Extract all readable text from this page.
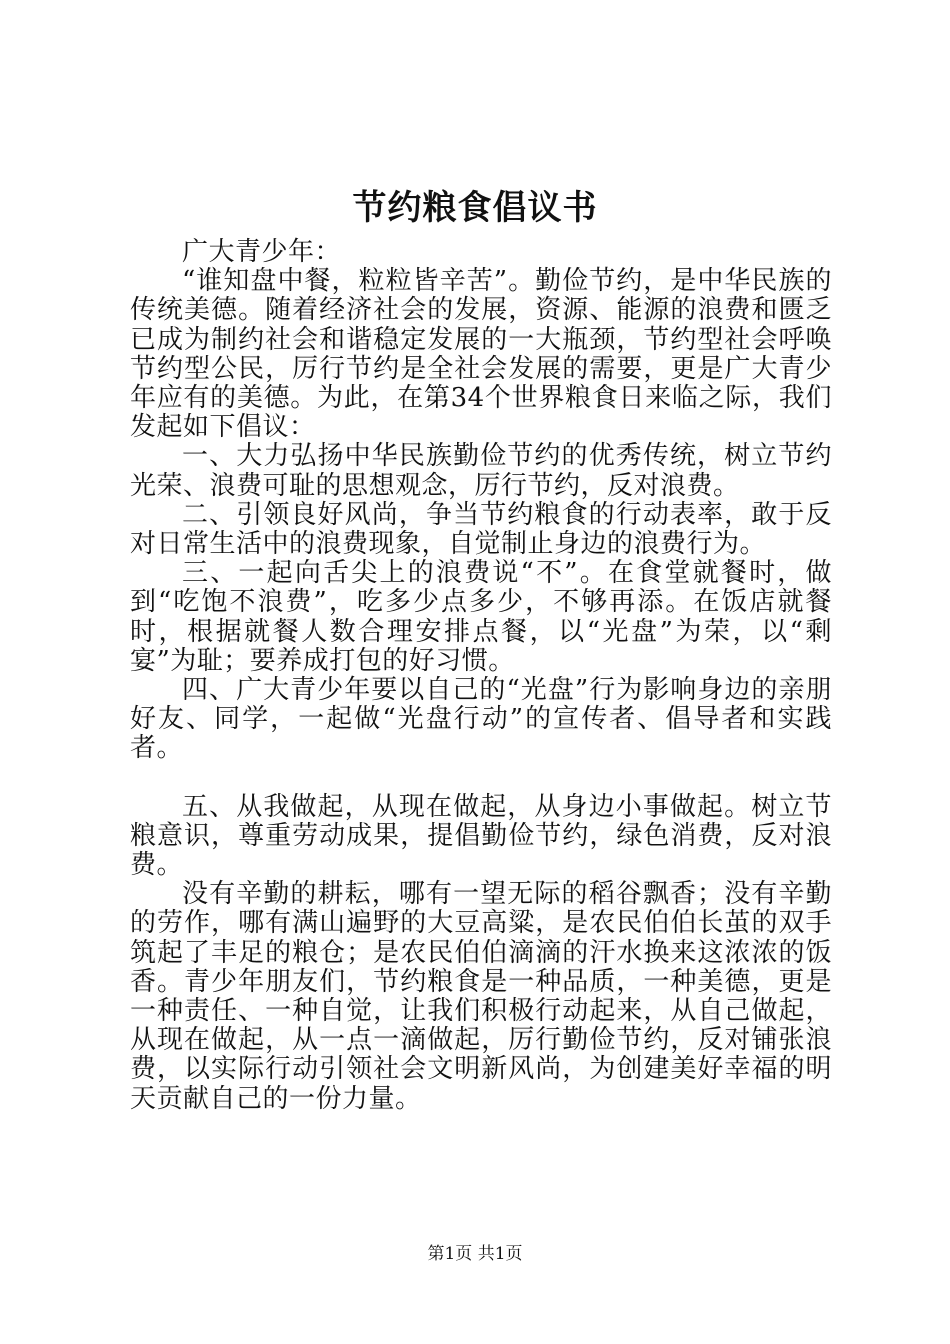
节约粮食倡议书

广大青少年：

“谁知盘中餐，粒粒皆辛苦”。勤俭节约，是中华民族的传统美德。随着经济社会的发展，资源、能源的浪费和匮乏已成为制约社会和谐稳定发展的一大瓶颈，节约型社会呼唤节约型公民，厉行节约是全社会发展的需要，更是广大青少年应有的美德。为此，在第34个世界粮食日来临之际，我们发起如下倡议：

一、大力弘扬中华民族勤俭节约的优秀传统，树立节约光荣、浪费可耻的思想观念，厉行节约，反对浪费。

二、引领良好风尚，争当节约粮食的行动表率，敢于反对日常生活中的浪费现象，自觉制止身边的浪费行为。

三、一起向舌尖上的浪费说“不”。在食堂就餐时，做到“吃饱不浪费”，吃多少点多少，不够再添。在饭店就餐时，根据就餐人数合理安排点餐，以“光盘”为荣，以“剩宴”为耻；要养成打包的好习惯。

四、广大青少年要以自己的“光盘”行为影响身边的亲朋好友、同学，一起做“光盘行动”的宣传者、倡导者和实践者。

五、从我做起，从现在做起，从身边小事做起。树立节粮意识，尊重劳动成果，提倡勤俭节约，绿色消费，反对浪费。

没有辛勤的耕耘，哪有一望无际的稻谷飘香；没有辛勤的劳作，哪有满山遍野的大豆高粱，是农民伯伯长茧的双手筑起了丰足的粮仓；是农民伯伯滴滴的汗水换来这浓浓的饭香。青少年朋友们，节约粮食是一种品质，一种美德，更是一种责任、一种自觉，让我们积极行动起来，从自己做起，从现在做起，从一点一滴做起，厉行勤俭节约，反对铺张浪费，以实际行动引领社会文明新风尚，为创建美好幸福的明天贡献自己的一份力量。

第1页 共1页
